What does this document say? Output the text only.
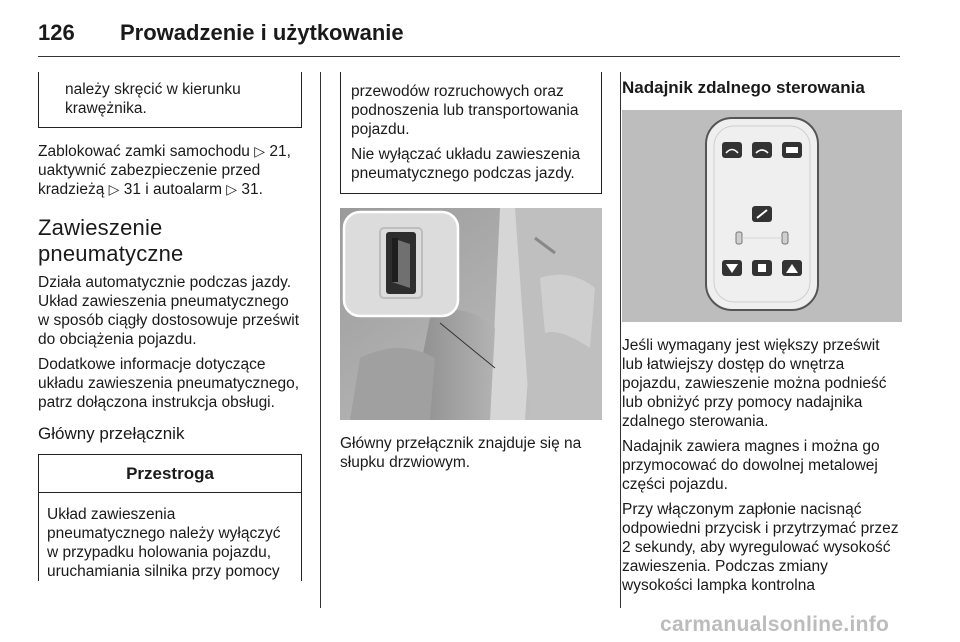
126 Prowadzenie i użytkowanie
należy skręcić w kierunku krawężnika.

Zablokować zamki samochodu ▷ 21, uaktywnić zabezpieczenie przed kradzieżą ▷ 31 i autoalarm ▷ 31.

Zawieszenie pneumatyczne

Działa automatycznie podczas jazdy. Układ zawieszenia pneumatycznego w sposób ciągły dostosowuje prześwit do obciążenia pojazdu.

Dodatkowe informacje dotyczące układu zawieszenia pneumatycznego, patrz dołączona instrukcja obsługi.

Główny przełącznik
Przestroga
Układ zawieszenia pneumatycznego należy wyłączyć w przypadku holowania pojazdu, uruchamiania silnika przy pomocy

przewodów rozruchowych oraz podnoszenia lub transportowania pojazdu.

Nie wyłączać układu zawieszenia pneumatycznego podczas jazdy.

Główny przełącznik znajduje się na słupku drzwiowym.

Nadajnik zdalnego sterowania

Jeśli wymagany jest większy prześwit lub łatwiejszy dostęp do wnętrza pojazdu, zawieszenie można podnieść lub obniżyć przy pomocy nadajnika zdalnego sterowania.

Nadajnik zawiera magnes i można go przymocować do dowolnej metalowej części pojazdu.

Przy włączonym zapłonie nacisnąć odpowiedni przycisk i przytrzymać przez 2 sekundy, aby wyregulować wysokość zawieszenia. Podczas zmiany wysokości lampka kontrolna

carmanualsonline.info
